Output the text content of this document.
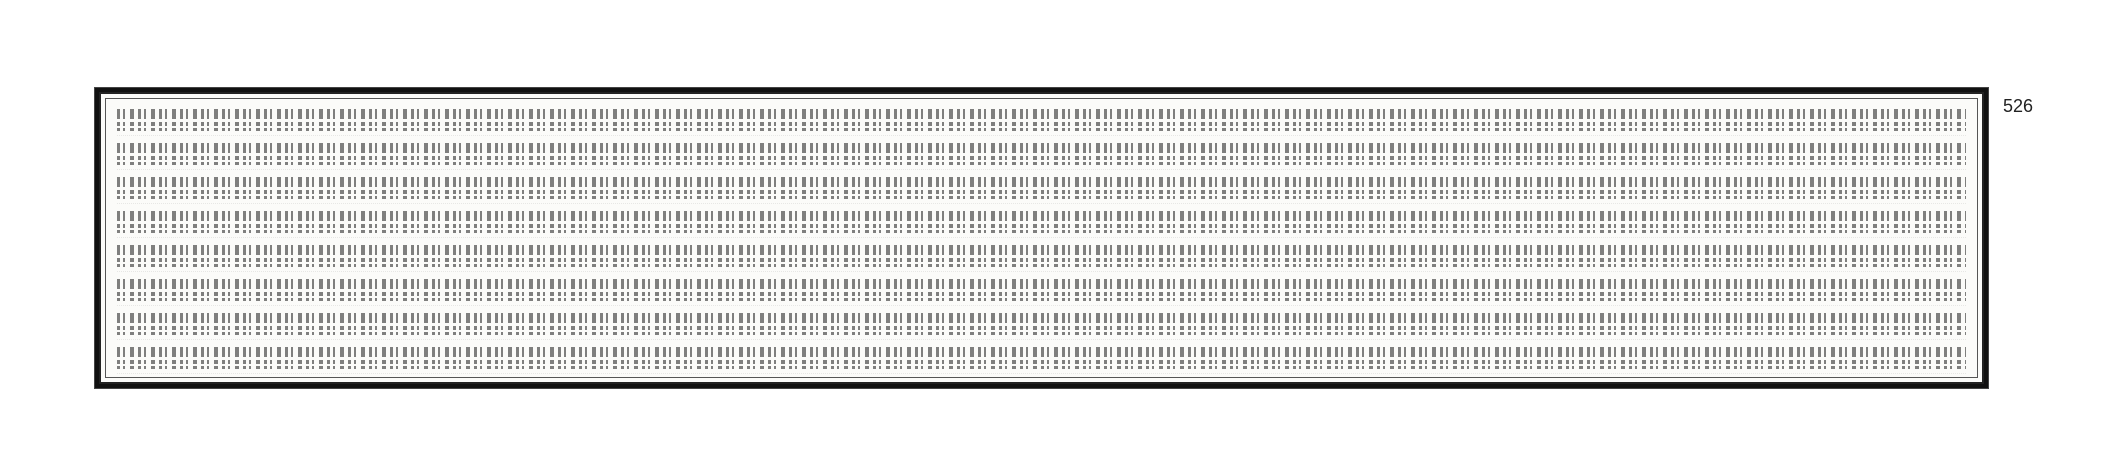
526
